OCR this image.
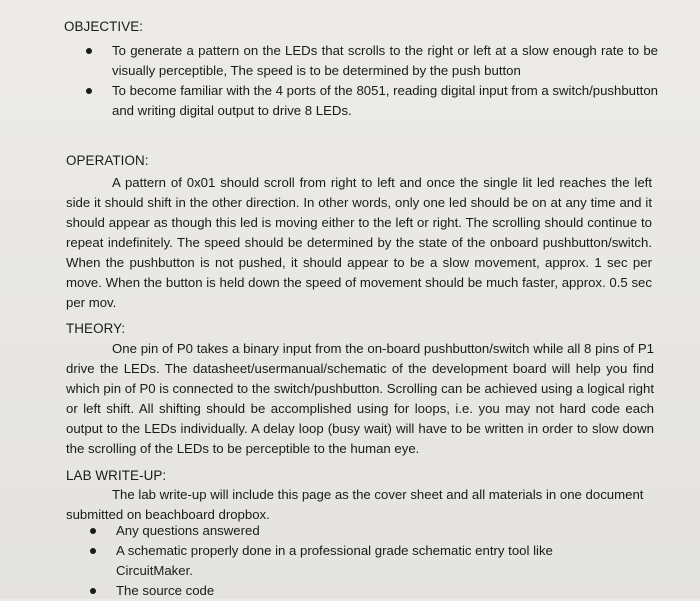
OBJECTIVE:
To generate a pattern on the LEDs that scrolls to the right or left at a slow enough rate to be visually perceptible, The speed is to be determined by the push button
To become familiar with the 4 ports of the 8051, reading digital input from a switch/pushbutton and writing digital output to drive 8 LEDs.
OPERATION:

A pattern of 0x01 should scroll from right to left and once the single lit led reaches the left side it should shift in the other direction. In other words, only one led should be on at any time and it should appear as though this led is moving either to the left or right. The scrolling should continue to repeat indefinitely. The speed should be determined by the state of the onboard pushbutton/switch. When the pushbutton is not pushed, it should appear to be a slow movement, approx. 1 sec per move. When the button is held down the speed of movement should be much faster, approx. 0.5 sec per mov.

THEORY:

One pin of P0 takes a binary input from the on-board pushbutton/switch while all 8 pins of P1 drive the LEDs. The datasheet/usermanual/schematic of the development board will help you find which pin of P0 is connected to the switch/pushbutton. Scrolling can be achieved using a logical right or left shift. All shifting should be accomplished using for loops, i.e. you may not hard code each output to the LEDs individually. A delay loop (busy wait) will have to be written in order to slow down the scrolling of the LEDs to be perceptible to the human eye.

LAB WRITE-UP:

The lab write-up will include this page as the cover sheet and all materials in one document submitted on beachboard dropbox.

Any questions answered
A schematic properly done in a professional grade schematic entry tool like CircuitMaker.
The source code
